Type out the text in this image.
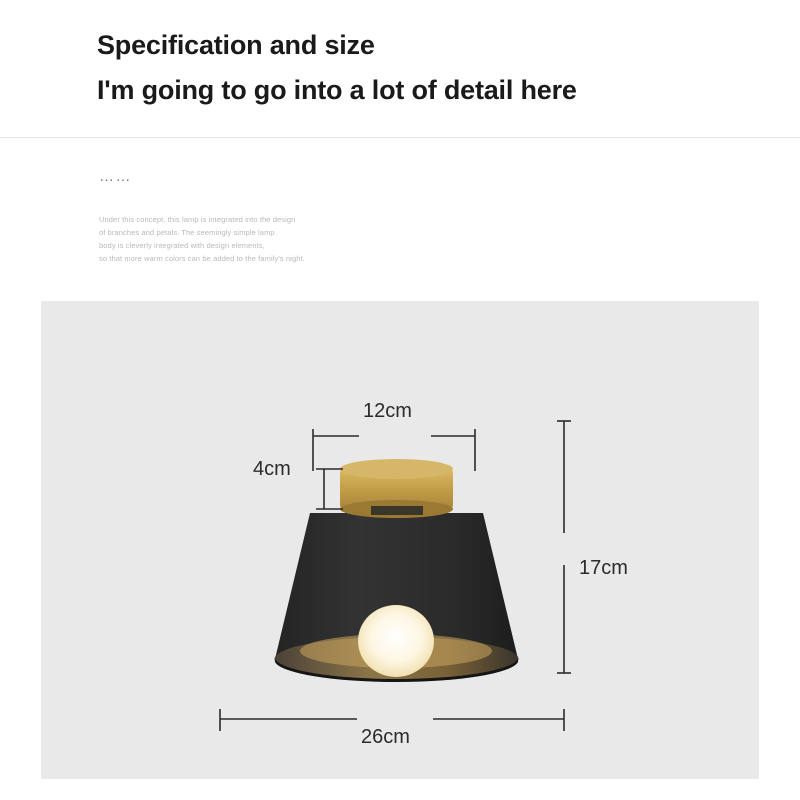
Specification and size
I'm going to go into a lot of detail here
……
Under this concept, this lamp is integrated into the design
of branches and petals. The seemingly simple lamp
body is cleverly integrated with design elements,
so that more warm colors can be added to the family's night.
12cm
4cm
17cm
26cm
